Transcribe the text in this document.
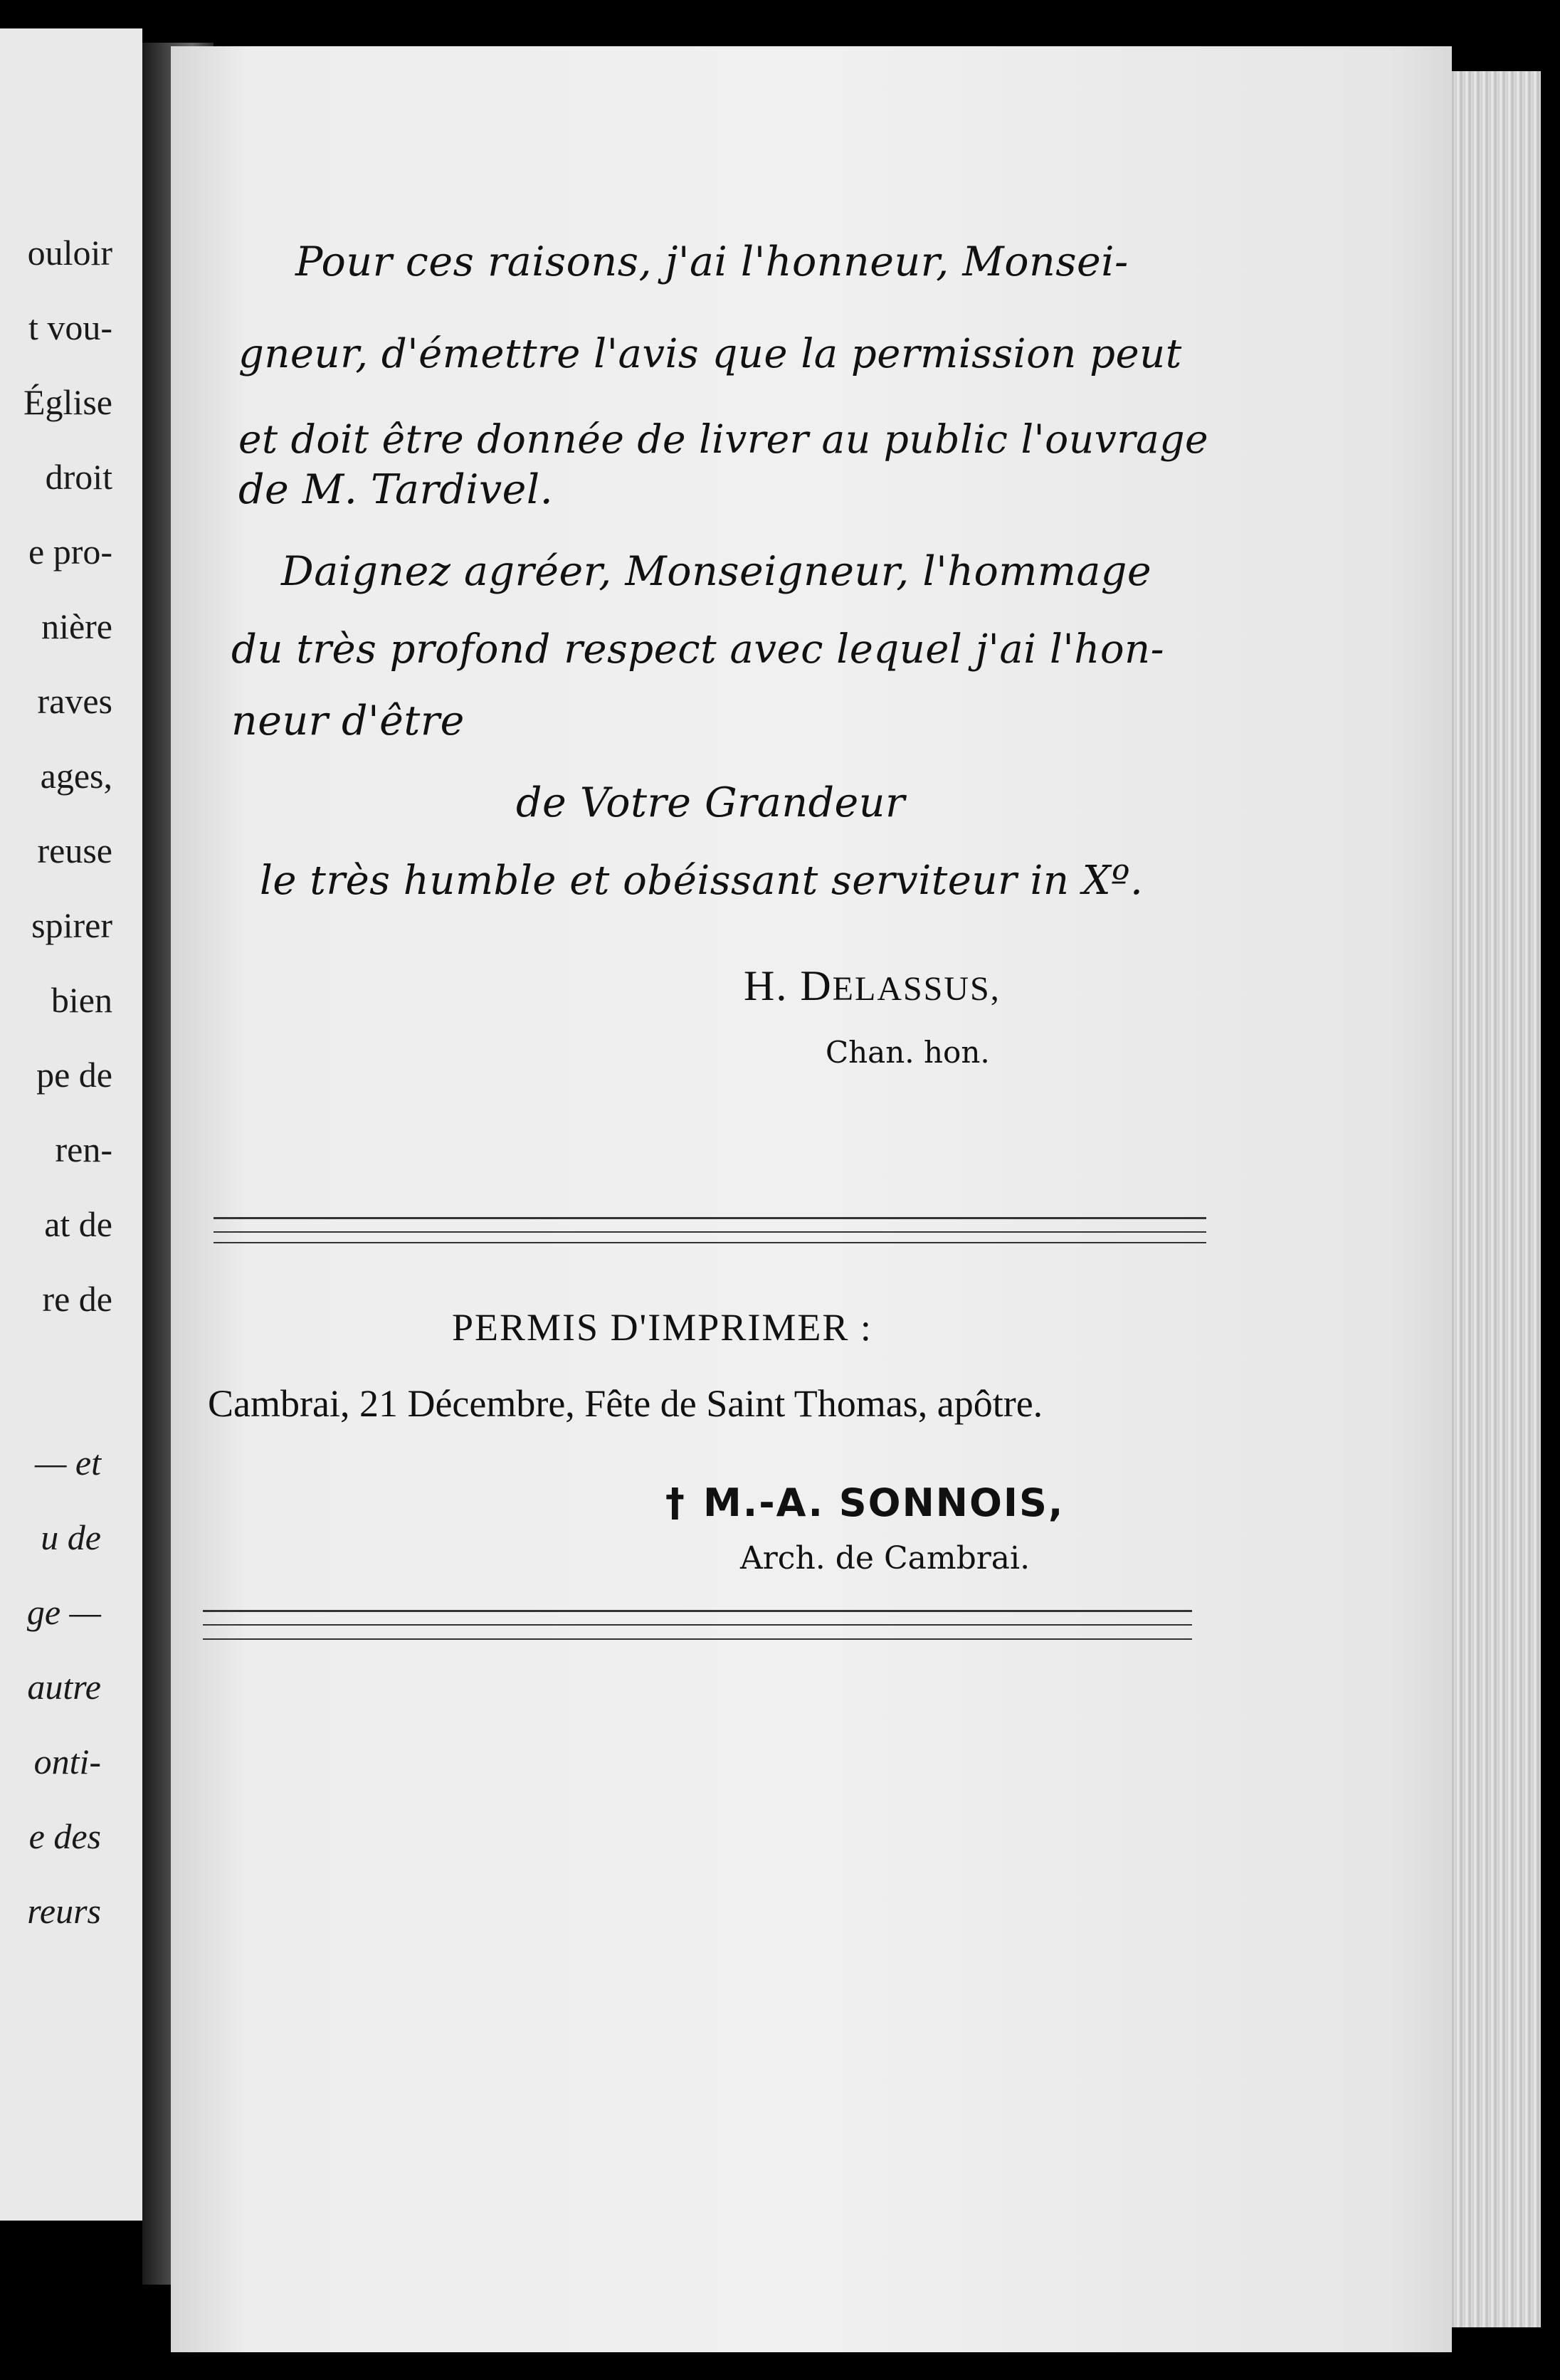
ouloir
t vou-
Église
droit
e pro-
nière
raves
ages,
reuse
spirer
bien
pe de
ren-
at de
re de
— et
u de
ge —
autre
onti-
e des
reurs
Pour ces raisons, j'ai l'honneur, Monsei-
gneur, d'émettre l'avis que la permission peut
et doit être donnée de livrer au public l'ouvrage
de M. Tardivel.
Daignez agréer, Monseigneur, l'hommage
du très profond respect avec lequel j'ai l'hon-
neur d'être
de Votre Grandeur
le très humble et obéissant serviteur in Xº.
H. DELASSUS,
Chan. hon.
PERMIS D'IMPRIMER :
Cambrai, 21 Décembre, Fête de Saint Thomas, apôtre.
† M.-A. SONNOIS,
Arch. de Cambrai.
